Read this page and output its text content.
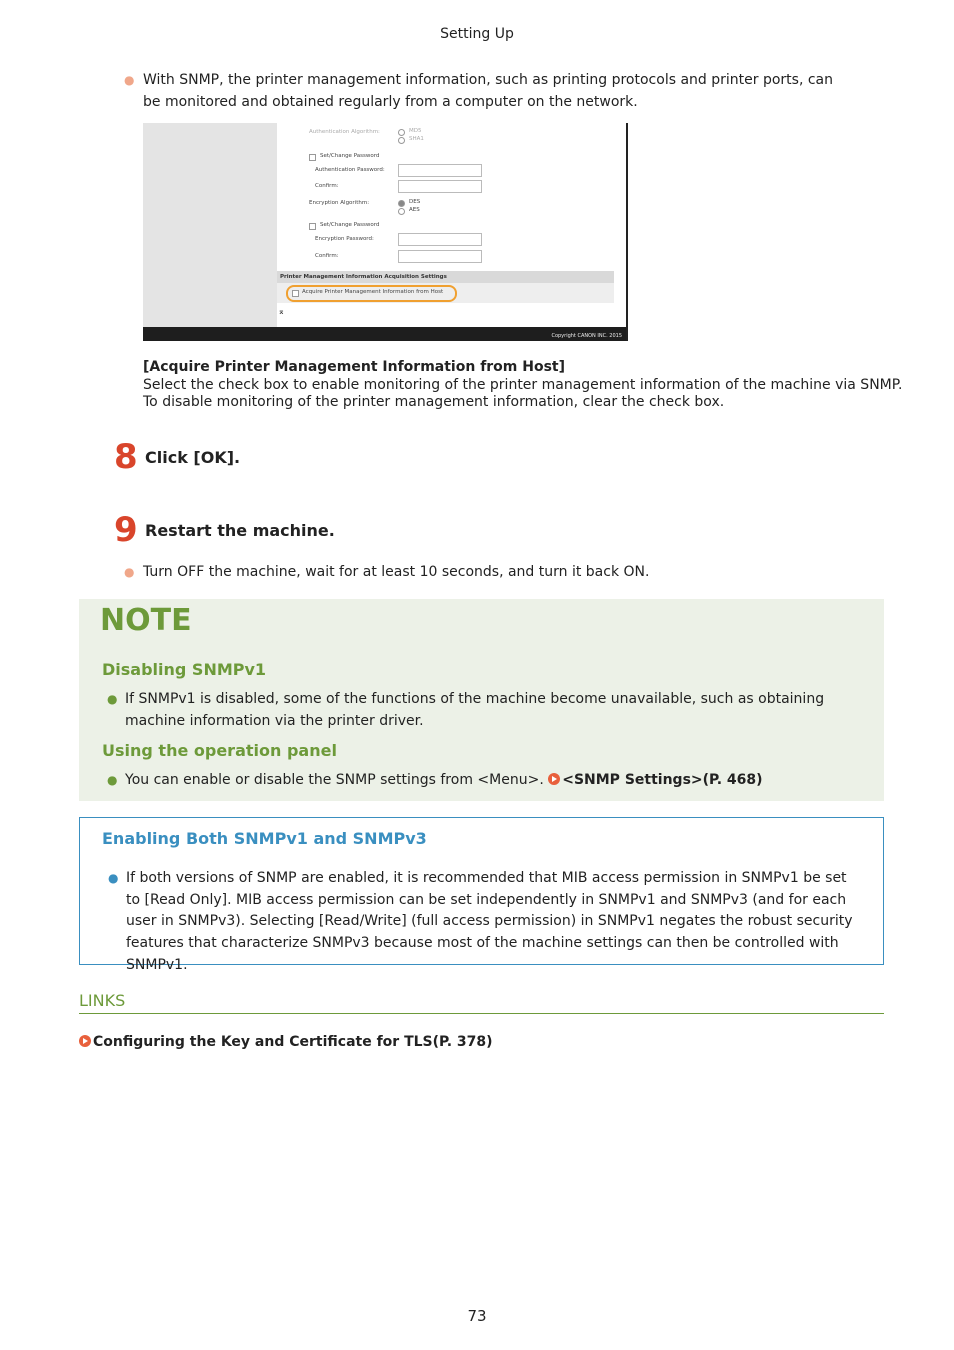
Setting Up
● With SNMP, the printer management information, such as printing protocols and printer ports, can be monitored and obtained regularly from a computer on the network.
Authentication Algorithm:	MD5
SHA1
Set/Change Password
Authentication Password:
Confirm:
Encryption Algorithm:	DES
AES
Set/Change Password
Encryption Password:
Confirm:
Printer Management Information Acquisition Settings
Acquire Printer Management Information from Host
⌅
Copyright CANON INC. 2015
[Acquire Printer Management Information from Host]
Select the check box to enable monitoring of the printer management information of the machine via SNMP.
To disable monitoring of the printer management information, clear the check box.
8 Click [OK].
9 Restart the machine.
● Turn OFF the machine, wait for at least 10 seconds, and turn it back ON.
NOTE
Disabling SNMPv1
● If SNMPv1 is disabled, some of the functions of the machine become unavailable, such as obtaining machine information via the printer driver.
Using the operation panel
● You can enable or disable the SNMP settings from <Menu>. <SNMP Settings>(P. 468)
Enabling Both SNMPv1 and SNMPv3
● If both versions of SNMP are enabled, it is recommended that MIB access permission in SNMPv1 be set to [Read Only]. MIB access permission can be set independently in SNMPv1 and SNMPv3 (and for each user in SNMPv3). Selecting [Read/Write] (full access permission) in SNMPv1 negates the robust security features that characterize SNMPv3 because most of the machine settings can then be controlled with SNMPv1.
LINKS
Configuring the Key and Certificate for TLS(P. 378)
73
